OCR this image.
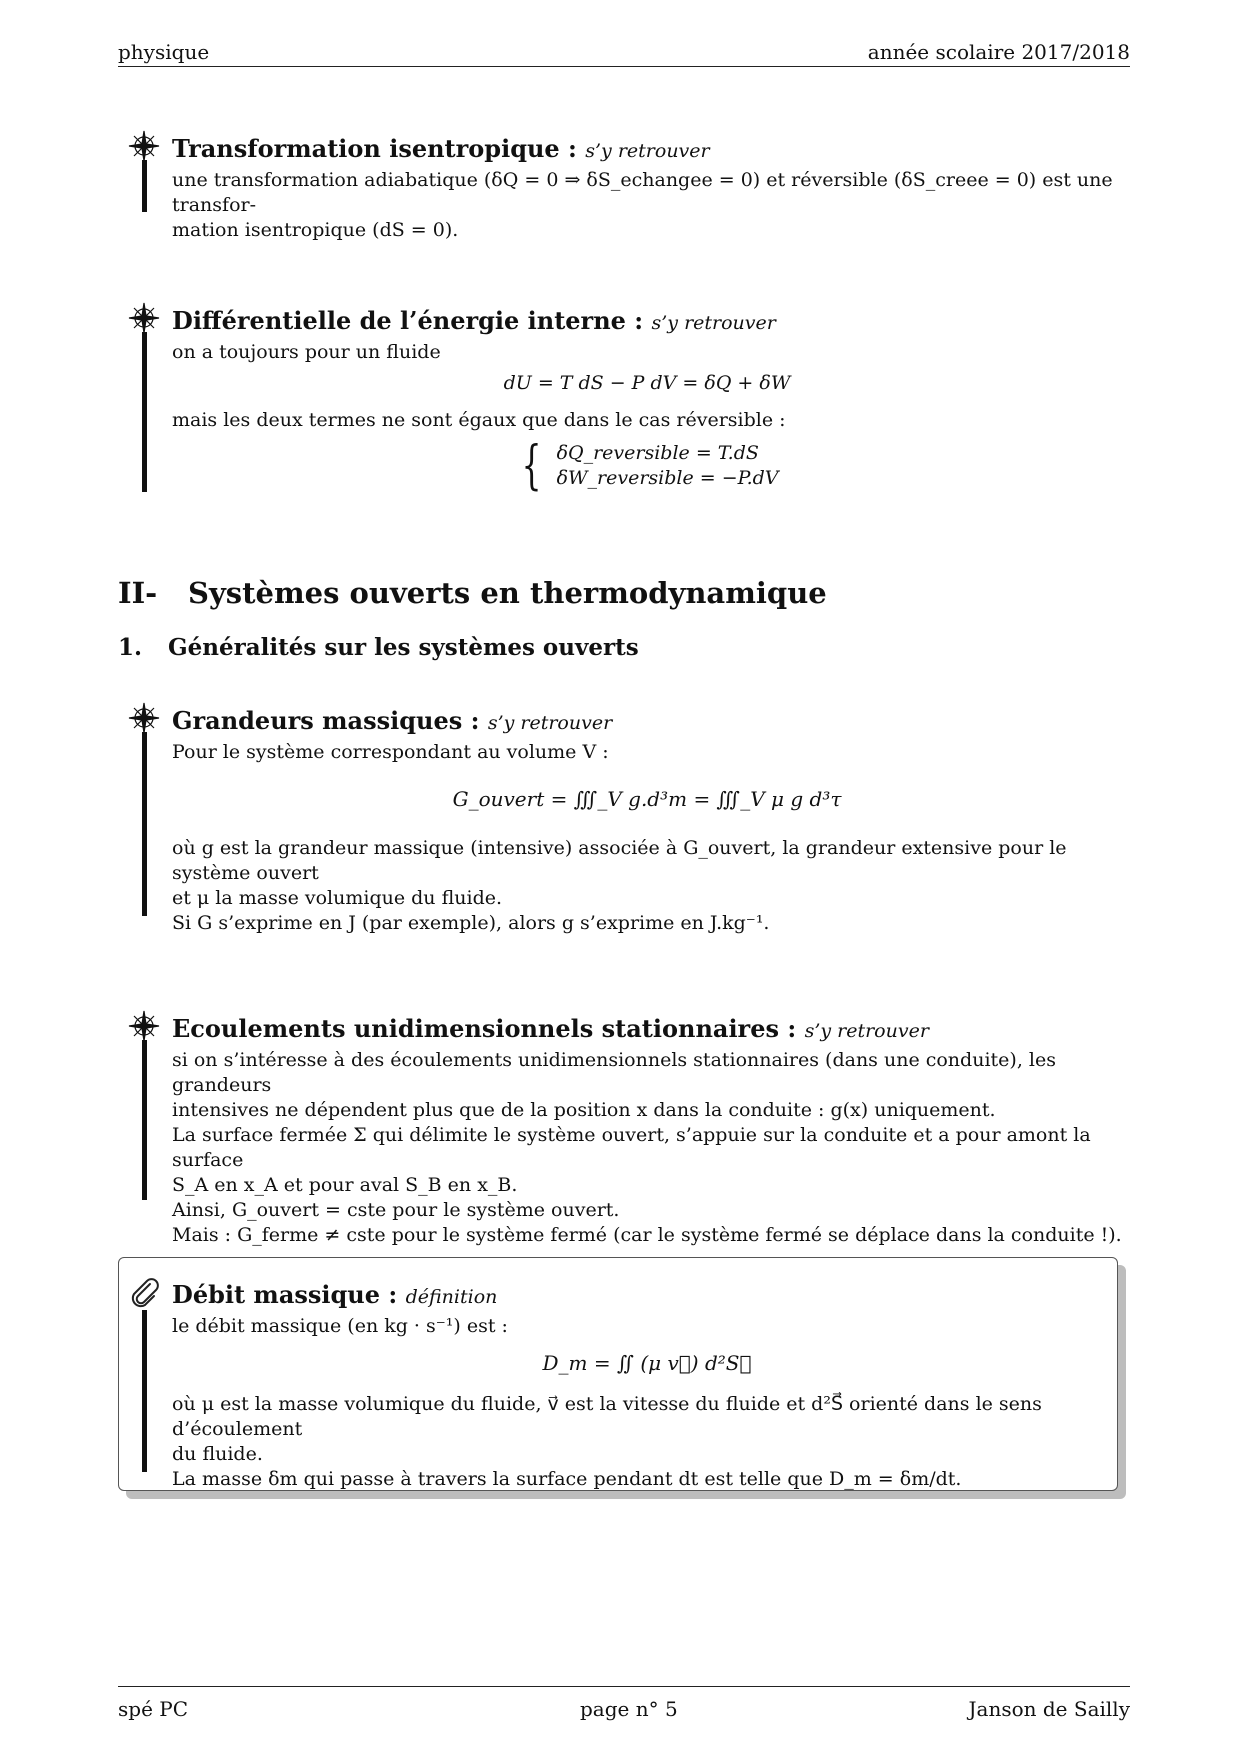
physique	année scolaire 2017/2018
Transformation isentropique : s’y retrouver
une transformation adiabatique (δQ = 0 ⇒ δS_echangee = 0) et réversible (δS_creee = 0) est une transfor-
mation isentropique (dS = 0).
Différentielle de l’énergie interne : s’y retrouver
on a toujours pour un fluide
dU = T dS − P dV = δQ + δW
mais les deux termes ne sont égaux que dans le cas réversible :
{ δQ_reversible = T.dS
δW_reversible = −P.dV
II- Systèmes ouverts en thermodynamique
1. Généralités sur les systèmes ouverts
Grandeurs massiques : s’y retrouver
Pour le système correspondant au volume V :
G_ouvert = ∭_V g.d³m = ∭_V μ g d³τ
où g est la grandeur massique (intensive) associée à G_ouvert, la grandeur extensive pour le système ouvert
et μ la masse volumique du fluide.
Si G s’exprime en J (par exemple), alors g s’exprime en J.kg⁻¹.
Ecoulements unidimensionnels stationnaires : s’y retrouver
si on s’intéresse à des écoulements unidimensionnels stationnaires (dans une conduite), les grandeurs
intensives ne dépendent plus que de la position x dans la conduite : g(x) uniquement.
La surface fermée Σ qui délimite le système ouvert, s’appuie sur la conduite et a pour amont la surface
S_A en x_A et pour aval S_B en x_B.
Ainsi, G_ouvert = cste pour le système ouvert.
Mais : G_ferme ≠ cste pour le système fermé (car le système fermé se déplace dans la conduite !).
Débit massique : définition
le débit massique (en kg · s⁻¹) est :
D_m = ∬ (μ v⃗) d²S⃗
où μ est la masse volumique du fluide, v⃗ est la vitesse du fluide et d²S⃗ orienté dans le sens d’écoulement
du fluide.
La masse δm qui passe à travers la surface pendant dt est telle que D_m = δm/dt.
spé PC	page n° 5	Janson de Sailly
